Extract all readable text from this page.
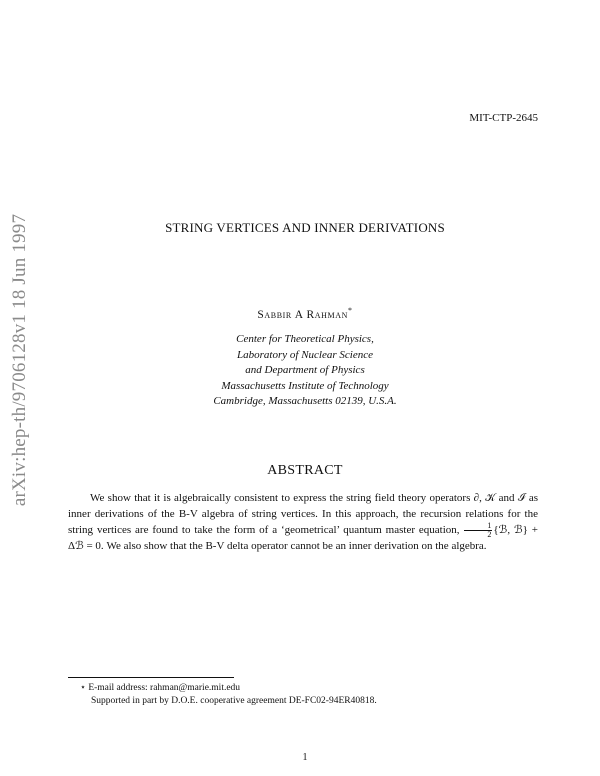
arXiv:hep-th/9706128v1 18 Jun 1997
MIT-CTP-2645
STRING VERTICES AND INNER DERIVATIONS
Sabbir A Rahman*
Center for Theoretical Physics,
Laboratory of Nuclear Science
and Department of Physics
Massachusetts Institute of Technology
Cambridge, Massachusetts 02139, U.S.A.
ABSTRACT
We show that it is algebraically consistent to express the string field theory operators ∂, 𝒦 and ℐ as inner derivations of the B-V algebra of string vertices. In this approach, the recursion relations for the string vertices are found to take the form of a ‘geometrical’ quantum master equation, $\frac{1}{2}$ {ℬ, ℬ} + Δℬ = 0. We also show that the B-V delta operator cannot be an inner derivation on the algebra.
⋆ E-mail address: rahman@marie.mit.edu
Supported in part by D.O.E. cooperative agreement DE-FC02-94ER40818.
1
